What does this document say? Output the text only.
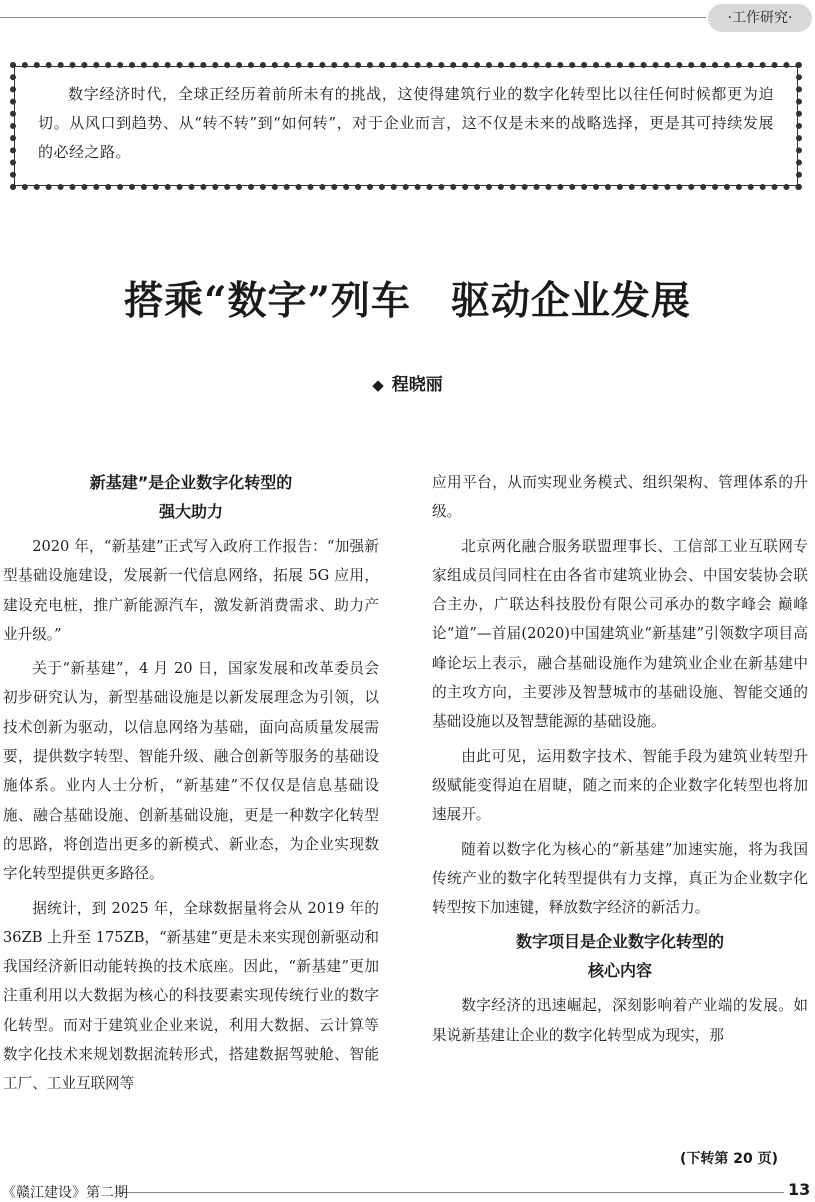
·工作研究·

数字经济时代，全球正经历着前所未有的挑战，这使得建筑行业的数字化转型比以往任何时候都更为迫切。从风口到趋势、从“转不转”到“如何转”，对于企业而言，这不仅是未来的战略选择，更是其可持续发展的必经之路。

搭乘“数字”列车　驱动企业发展
◆ 程晓丽
新基建”是企业数字化转型的
强大助力

2020 年，“新基建”正式写入政府工作报告：“加强新型基础设施建设，发展新一代信息网络，拓展 5G 应用，建设充电桩，推广新能源汽车，激发新消费需求、助力产业升级。”

关于“新基建”，4 月 20 日，国家发展和改革委员会初步研究认为，新型基础设施是以新发展理念为引领，以技术创新为驱动，以信息网络为基础，面向高质量发展需要，提供数字转型、智能升级、融合创新等服务的基础设施体系。业内人士分析，“新基建”不仅仅是信息基础设施、融合基础设施、创新基础设施，更是一种数字化转型的思路，将创造出更多的新模式、新业态，为企业实现数字化转型提供更多路径。

据统计，到 2025 年，全球数据量将会从 2019 年的 36ZB 上升至 175ZB，“新基建”更是未来实现创新驱动和我国经济新旧动能转换的技术底座。因此，“新基建”更加注重利用以大数据为核心的科技要素实现传统行业的数字化转型。而对于建筑业企业来说，利用大数据、云计算等数字化技术来规划数据流转形式，搭建数据驾驶舱、智能工厂、工业互联网等

应用平台，从而实现业务模式、组织架构、管理体系的升级。

北京两化融合服务联盟理事长、工信部工业互联网专家组成员闫同柱在由各省市建筑业协会、中国安装协会联合主办，广联达科技股份有限公司承办的数字峰会 巅峰论“道”—首届(2020)中国建筑业“新基建”引领数字项目高峰论坛上表示，融合基础设施作为建筑业企业在新基建中的主攻方向，主要涉及智慧城市的基础设施、智能交通的基础设施以及智慧能源的基础设施。

由此可见，运用数字技术、智能手段为建筑业转型升级赋能变得迫在眉睫，随之而来的企业数字化转型也将加速展开。

随着以数字化为核心的“新基建”加速实施，将为我国传统产业的数字化转型提供有力支撑，真正为企业数字化转型按下加速键，释放数字经济的新活力。

数字项目是企业数字化转型的
核心内容

数字经济的迅速崛起，深刻影响着产业端的发展。如果说新基建让企业的数字化转型成为现实，那

(下转第 20 页)
《赣江建设》第二期	13
